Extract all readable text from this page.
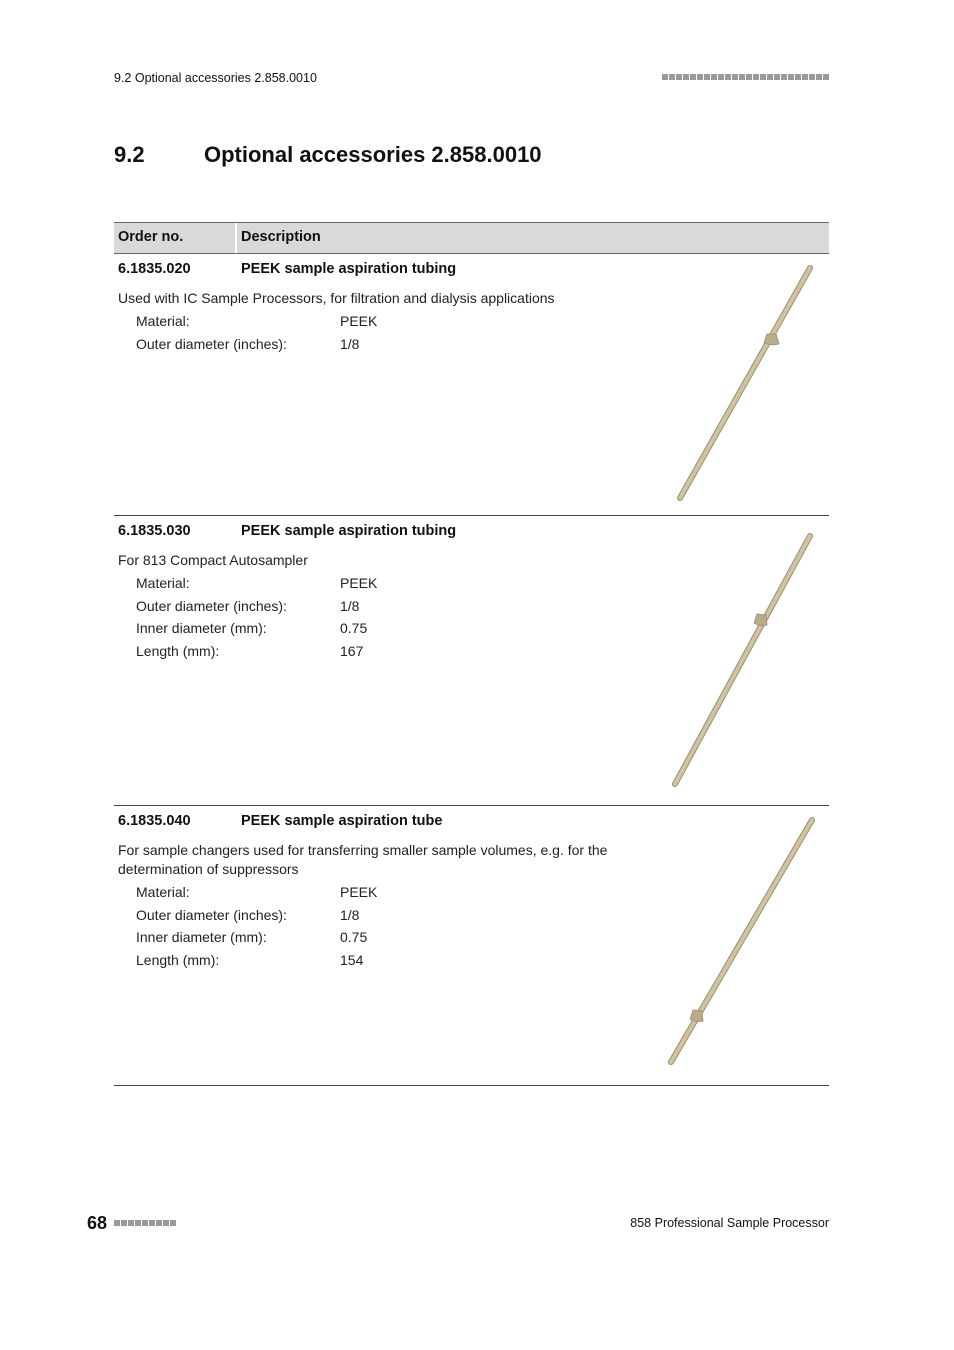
9.2 Optional accessories 2.858.0010
9.2	Optional accessories 2.858.0010
Order no.	Description
6.1835.020	PEEK sample aspiration tubing
Used with IC Sample Processors, for filtration and dialysis applications
Material:	PEEK
Outer diameter (inches):	1/8
6.1835.030	PEEK sample aspiration tubing
For 813 Compact Autosampler
Material:	PEEK
Outer diameter (inches):	1/8
Inner diameter (mm):	0.75
Length (mm):	167
6.1835.040	PEEK sample aspiration tube
For sample changers used for transferring smaller sample volumes, e.g. for the determination of suppressors
Material:	PEEK
Outer diameter (inches):	1/8
Inner diameter (mm):	0.75
Length (mm):	154
68	858 Professional Sample Processor
